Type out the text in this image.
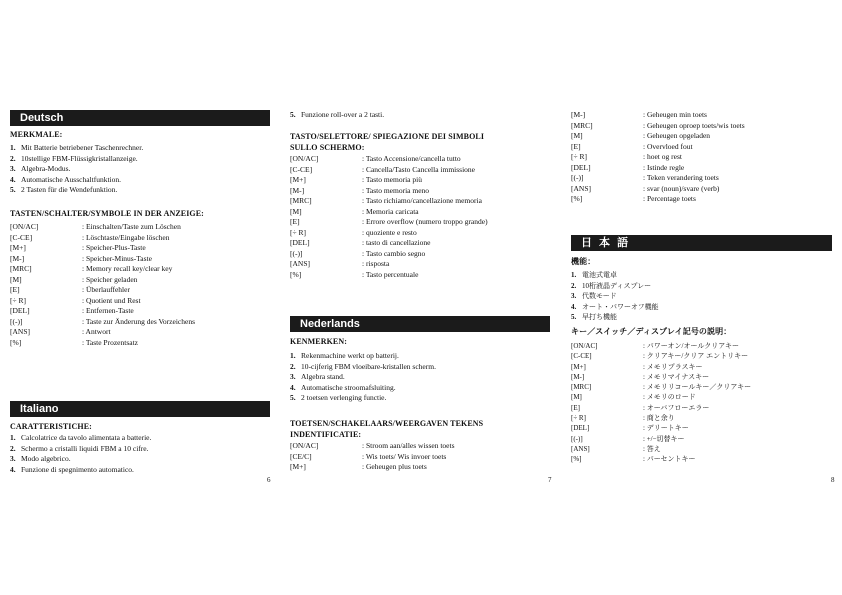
Deutsch
MERKMALE:
1. Mit Batterie betriebener Taschenrechner.
2. 10stellige FBM-Flüssigkristallanzeige.
3. Algebra-Modus.
4. Automatische Ausschaltfunktion.
5. 2 Tasten für die Wendefunktion.
TASTEN/SCHALTER/SYMBOLE IN DER ANZEIGE:
[ON/AC]	: Einschalten/Taste zum Löschen
[C-CE]	: Löschtaste/Eingabe löschen
[M+]	: Speicher-Plus-Taste
[M-]	: Speicher-Minus-Taste
[MRC]	: Memory recall key/clear key
[M]	: Speicher geladen
[E]	: Überlauffehler
[÷ R]	: Quotient und Rest
[DEL]	: Entfernen-Taste
[(-)]	: Taste zur Änderung des Vorzeichens
[ANS]	: Antwort
[%]	: Taste Prozentsatz
Italiano
CARATTERISTICHE:
1. Calcolatrice da tavolo alimentata a batterie.
2. Schermo a cristalli liquidi FBM a 10 cifre.
3. Modo algebrico.
4. Funzione di spegnimento automatico.
6
5. Funzione roll-over a 2 tasti.
TASTO/SELETTORE/ SPIEGAZIONE DEI SIMBOLI
SULLO SCHERMO:
[ON/AC]	: Tasto Accensione/cancella tutto
[C-CE]	: Cancella/Tasto Cancella immissione
[M+]	: Tasto memoria più
[M-]	: Tasto memoria meno
[MRC]	: Tasto richiamo/cancellazione memoria
[M]	: Memoria caricata
[E]	: Errore overflow (numero troppo grande)
[÷ R]	: quoziente e resto
[DEL]	: tasto di cancellazione
[(-)]	: Tasto cambio segno
[ANS]	: risposta
[%]	: Tasto percentuale
Nederlands
KENMERKEN:
1. Rekenmachine werkt op batterij.
2. 10-cijferig FBM vloeibare-kristallen scherm.
3. Algebra stand.
4. Automatische stroomafsluiting.
5. 2 toetsen verlenging functie.
TOETSEN/SCHAKELAARS/WEERGAVEN TEKENS
INDENTIFICATIE:
[ON/AC]	: Stroom aan/alles wissen toets
[CE/C]	: Wis toets/ Wis invoer toets
[M+]	: Geheugen plus toets
7
[M-]	: Geheugen min toets
[MRC]	: Geheugen oproep toets/wis toets
[M]	: Geheugen opgeladen
[E]	: Overvloed fout
[÷ R]	: hoet og rest
[DEL]	: Istinde regle
[(-)]	: Teken verandering toets
[ANS]	: svar (noun)/svare (verb)
[%]	: Percentage toets
日 本 語
機能：
1. 電池式電卓
2. 10桁液晶ディスプレー
3. 代数モード
4. オート・パワーオフ機能
5. 早打ち機能
キー／スイッチ／ディスプレイ記号の説明：
[ON/AC]	: パワーオン/オールクリアキー
[C-CE]	: クリアキー/クリア エントリキー
[M+]	: メモリプラスキー
[M-]	: メモリマイナスキー
[MRC]	: メモリリコールキー／クリアキー
[M]	: メモリのロード
[E]	: オーバフローエラー
[÷ R]	: 商と余り
[DEL]	: デリートキー
[(-)]	: +/−切替キー
[ANS]	: 答え
[%]	: パーセントキー
8
